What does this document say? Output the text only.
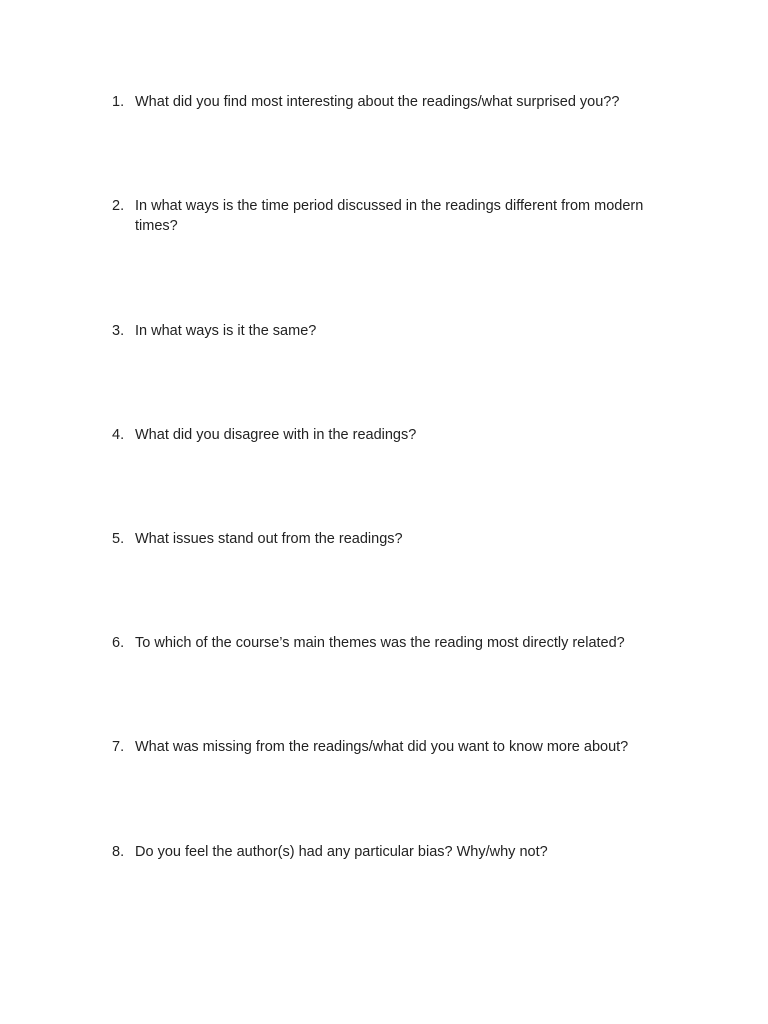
1. What did you find most interesting about the readings/what surprised you??
2. In what ways is the time period discussed in the readings different from modern times?
3. In what ways is it the same?
4. What did you disagree with in the readings?
5. What issues stand out from the readings?
6. To which of the course’s main themes was the reading most directly related?
7. What was missing from the readings/what did you want to know more about?
8. Do you feel the author(s) had any particular bias? Why/why not?
